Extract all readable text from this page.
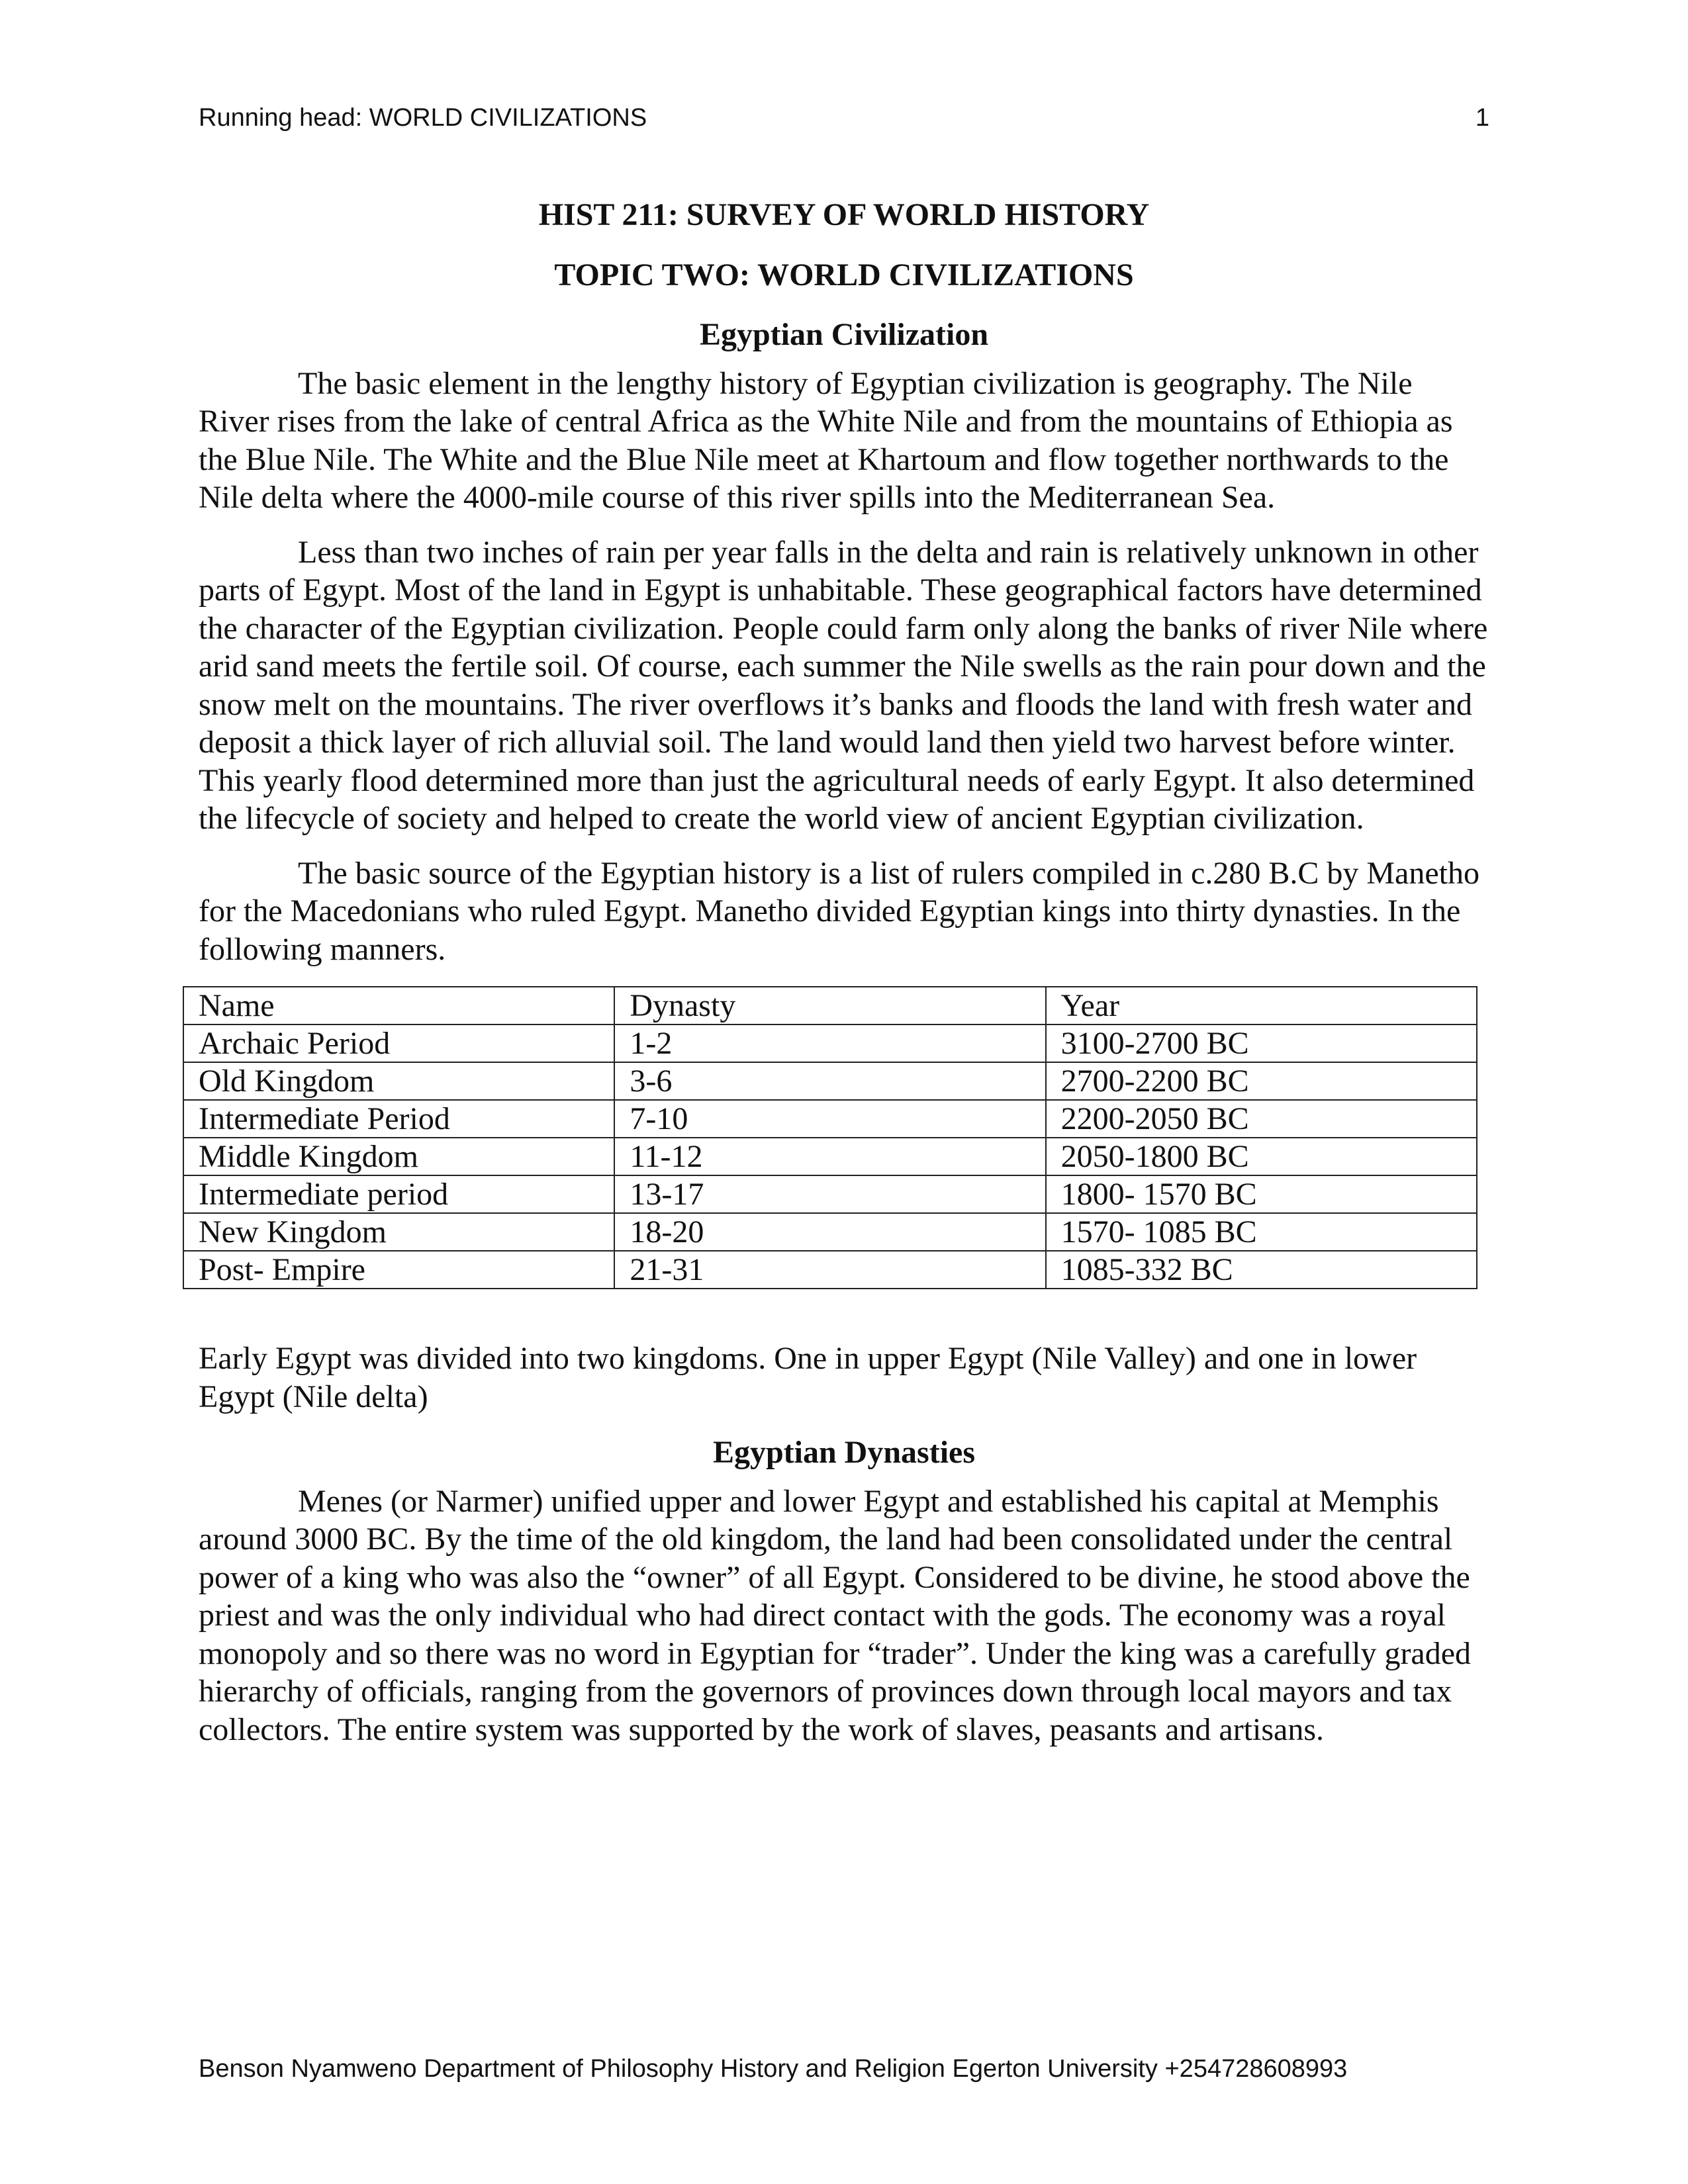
Running head: WORLD CIVILIZATIONS	1

HIST 211: SURVEY OF WORLD HISTORY

TOPIC TWO: WORLD CIVILIZATIONS

Egyptian Civilization

The basic element in the lengthy history of Egyptian civilization is geography. The Nile River rises from the lake of central Africa as the White Nile and from the mountains of Ethiopia as the Blue Nile. The White and the Blue Nile meet at Khartoum and flow together northwards to the Nile delta where the 4000-mile course of this river spills into the Mediterranean Sea.

Less than two inches of rain per year falls in the delta and rain is relatively unknown in other parts of Egypt. Most of the land in Egypt is unhabitable. These geographical factors have determined the character of the Egyptian civilization. People could farm only along the banks of river Nile where arid sand meets the fertile soil. Of course, each summer the Nile swells as the rain pour down and the snow melt on the mountains. The river overflows it’s banks and floods the land with fresh water and deposit a thick layer of rich alluvial soil. The land would land then yield two harvest before winter. This yearly flood determined more than just the agricultural needs of early Egypt. It also determined the lifecycle of society and helped to create the world view of ancient Egyptian civilization.

The basic source of the Egyptian history is a list of rulers compiled in c.280 B.C by Manetho for the Macedonians who ruled Egypt. Manetho divided Egyptian kings into thirty dynasties. In the following manners.

Name	Dynasty	Year
Archaic Period	1-2	3100-2700 BC
Old Kingdom	3-6	2700-2200 BC
Intermediate Period	7-10	2200-2050 BC
Middle Kingdom	11-12	2050-1800 BC
Intermediate period	13-17	1800- 1570 BC
New Kingdom	18-20	1570- 1085 BC
Post- Empire	21-31	1085-332 BC

Early Egypt was divided into two kingdoms. One in upper Egypt (Nile Valley) and one in lower Egypt (Nile delta)

Egyptian Dynasties

Menes (or Narmer) unified upper and lower Egypt and established his capital at Memphis around 3000 BC. By the time of the old kingdom, the land had been consolidated under the central power of a king who was also the “owner” of all Egypt. Considered to be divine, he stood above the priest and was the only individual who had direct contact with the gods. The economy was a royal monopoly and so there was no word in Egyptian for “trader”. Under the king was a carefully graded hierarchy of officials, ranging from the governors of provinces down through local mayors and tax collectors. The entire system was supported by the work of slaves, peasants and artisans.

Benson Nyamweno Department of Philosophy History and Religion Egerton University +254728608993
